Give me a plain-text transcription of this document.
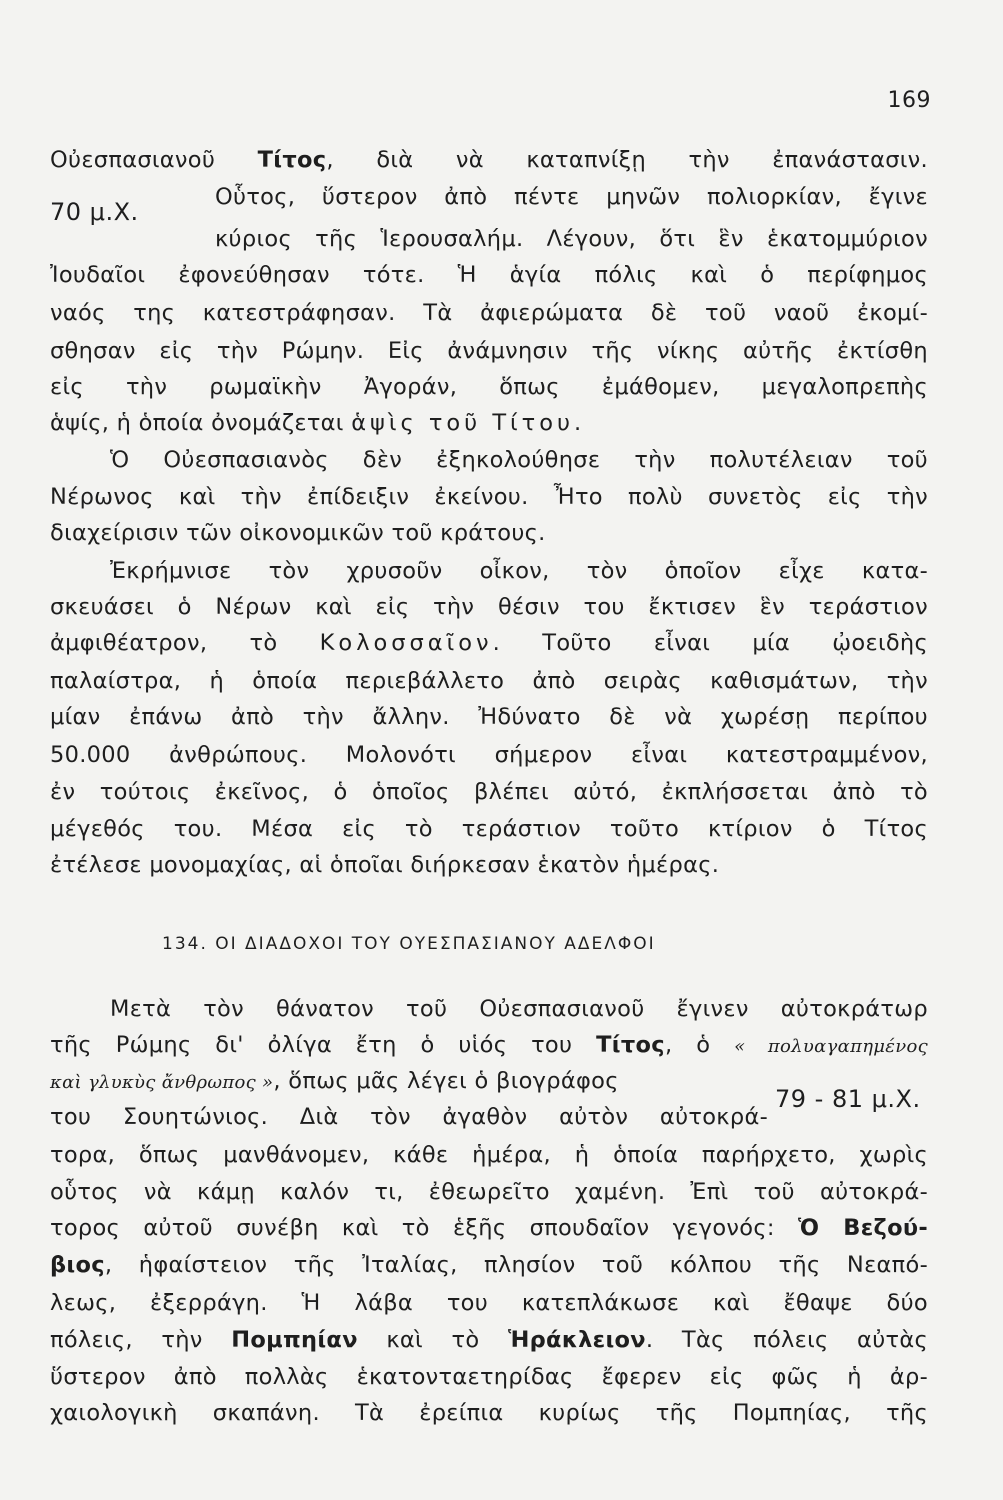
169
Οὐεσπασιανοῦ Τίτος, διὰ νὰ καταπνίξῃ τὴν ἐπανάστασιν.
70 μ.Χ.
Οὗτος, ὕστερον ἀπὸ πέντε μηνῶν πολιορκίαν, ἔγινε
κύριος τῆς Ἱερουσαλήμ. Λέγουν, ὅτι ἓν ἑκατομμύριον
Ἰουδαῖοι ἐφονεύθησαν τότε. Ἡ ἁγία πόλις καὶ ὁ περίφημος
ναός της κατεστράφησαν. Τὰ ἀφιερώματα δὲ τοῦ ναοῦ ἐκομί-
σθησαν εἰς τὴν Ρώμην. Εἰς ἀνάμνησιν τῆς νίκης αὐτῆς ἐκτίσθη
εἰς τὴν ρωμαϊκὴν Ἀγοράν, ὅπως ἐμάθομεν, μεγαλοπρεπὴς
ἁψίς, ἡ ὁποία ὀνομάζεται ἁψὶς τοῦ Τίτου.
Ὁ Οὐεσπασιανὸς δὲν ἐξηκολούθησε τὴν πολυτέλειαν τοῦ
Νέρωνος καὶ τὴν ἐπίδειξιν ἐκείνου. Ἦτο πολὺ συνετὸς εἰς τὴν
διαχείρισιν τῶν οἰκονομικῶν τοῦ κράτους.
Ἐκρήμνισε τὸν χρυσοῦν οἶκον, τὸν ὁποῖον εἶχε κατα-
σκευάσει ὁ Νέρων καὶ εἰς τὴν θέσιν του ἔκτισεν ἓν τεράστιον
ἀμφιθέατρον, τὸ Κολοσσαῖον. Τοῦτο εἶναι μία ᾠοειδὴς
παλαίστρα, ἡ ὁποία περιεβάλλετο ἀπὸ σειρὰς καθισμάτων, τὴν
μίαν ἐπάνω ἀπὸ τὴν ἄλλην. Ἠδύνατο δὲ νὰ χωρέσῃ περίπου
50.000 ἀνθρώπους. Μολονότι σήμερον εἶναι κατεστραμμένον,
ἐν τούτοις ἐκεῖνος, ὁ ὁποῖος βλέπει αὐτό, ἐκπλήσσεται ἀπὸ τὸ
μέγεθός του. Μέσα εἰς τὸ τεράστιον τοῦτο κτίριον ὁ Τίτος
ἐτέλεσε μονομαχίας, αἱ ὁποῖαι διήρκεσαν ἑκατὸν ἡμέρας.
134. ΟΙ ΔΙΑΔΟΧΟΙ ΤΟΥ ΟΥΕΣΠΑΣΙΑΝΟΥ ΑΔΕΛΦΟΙ
Μετὰ τὸν θάνατον τοῦ Οὐεσπασιανοῦ ἔγινεν αὐτοκράτωρ
τῆς Ρώμης δι' ὀλίγα ἔτη ὁ υἱός του Τίτος, ὁ « πολυαγαπημένος
καὶ γλυκὺς ἄνθρωπος », ὅπως μᾶς λέγει ὁ βιογράφος
79 - 81 μ.Χ.
του Σουητώνιος. Διὰ τὸν ἀγαθὸν αὐτὸν αὐτοκρά-
τορα, ὅπως μανθάνομεν, κάθε ἡμέρα, ἡ ὁποία παρήρχετο, χωρὶς
οὗτος νὰ κάμῃ καλόν τι, ἐθεωρεῖτο χαμένη. Ἐπὶ τοῦ αὐτοκρά-
τορος αὐτοῦ συνέβη καὶ τὸ ἑξῆς σπουδαῖον γεγονός: Ὁ Βεζού-
βιος, ἡφαίστειον τῆς Ἰταλίας, πλησίον τοῦ κόλπου τῆς Νεαπό-
λεως, ἐξερράγη. Ἡ λάβα του κατεπλάκωσε καὶ ἔθαψε δύο
πόλεις, τὴν Πομπηίαν καὶ τὸ Ἡράκλειον. Τὰς πόλεις αὐτὰς
ὕστερον ἀπὸ πολλὰς ἑκατονταετηρίδας ἔφερεν εἰς φῶς ἡ ἀρ-
χαιολογικὴ σκαπάνη. Τὰ ἐρείπια κυρίως τῆς Πομπηίας, τῆς
